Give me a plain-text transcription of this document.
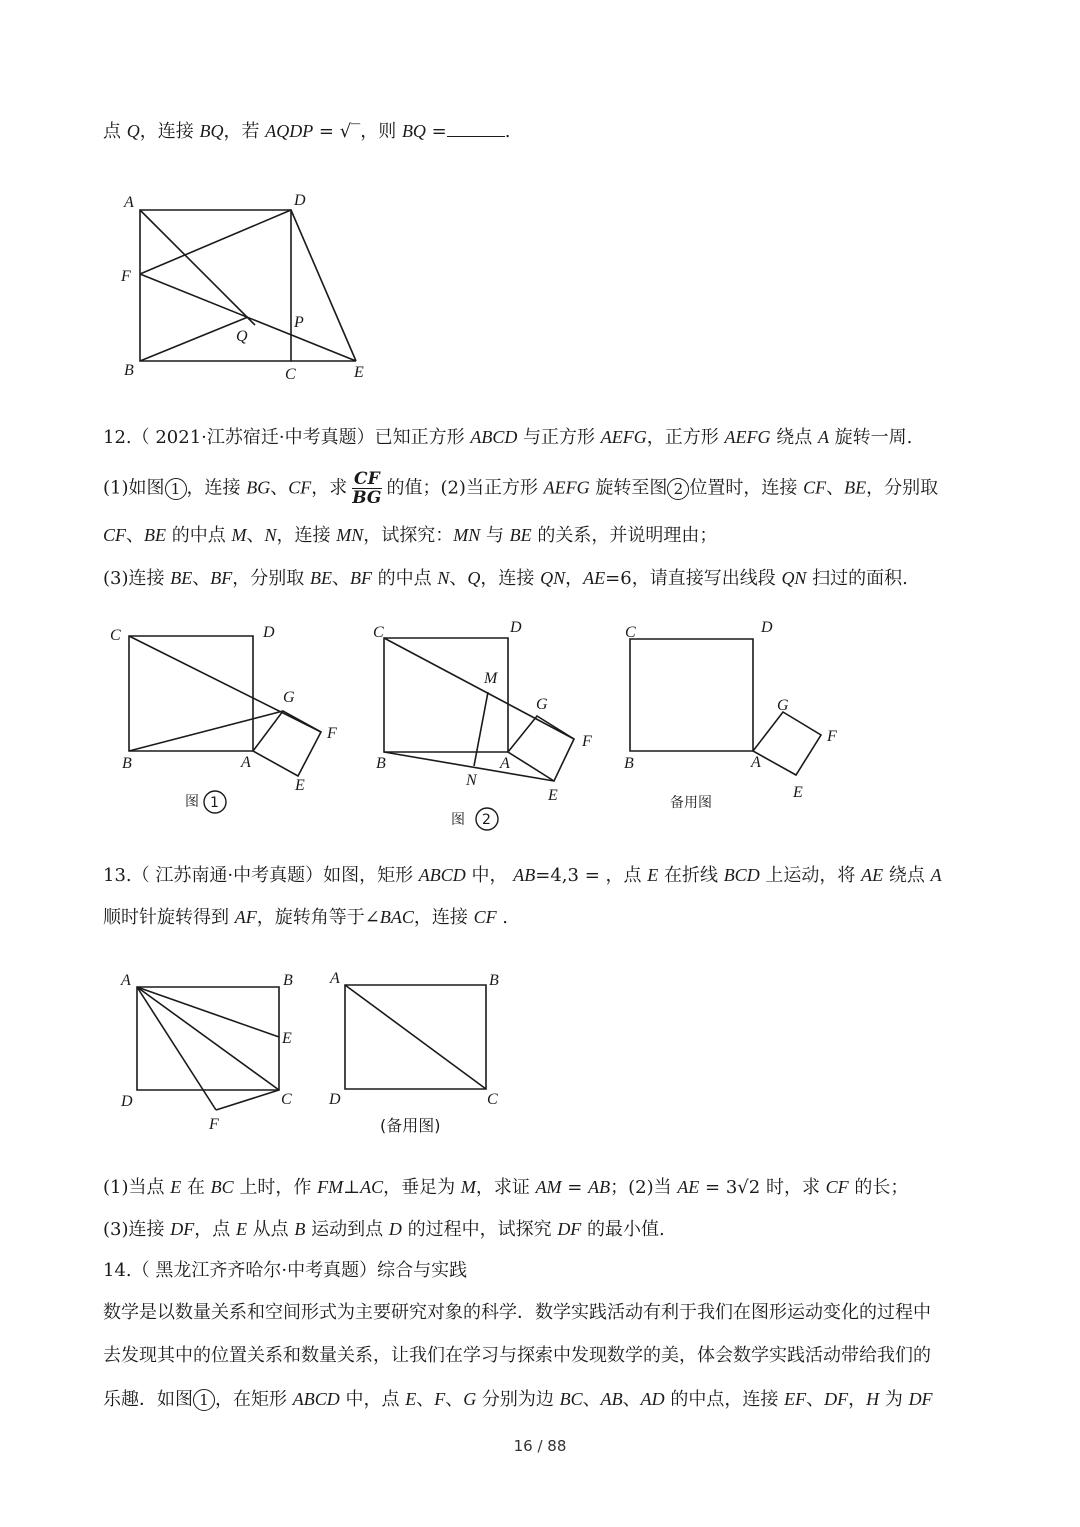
点 Q，连接 BQ，若 AQDP = √‾，则 BQ =	.
A	D
F
P
Q
B	C	E
12.（ 2021·江苏宿迁·中考真题）已知正方形 ABCD 与正方形 AEFG，正方形 AEFG 绕点 A 旋转一周.
(1)如图 1 ，连接 BG、CF，求 $\frac{CF}{BG}$ 的值；(2)当正方形 AEFG 旋转至图 2 位置时，连接 CF、BE，分别取
CF、BE 的中点 M、N，连接 MN，试探究：MN 与 BE 的关系，并说明理由；
(3)连接 BE、BF，分别取 BE、BF 的中点 N、Q，连接 QN，AE=6，请直接写出线段 QN 扫过的面积.
C	D
G
F
B	A
E
图 1
C	D
M
G
F
B	A
N
E
图 2
C	D
G
F
B	A
E
备用图
13.（ 江苏南通·中考真题）如图，矩形 ABCD 中， AB=4,3 = ，点 E 在折线 BCD 上运动，将 AE 绕点 A
顺时针旋转得到 AF，旋转角等于∠BAC，连接 CF .
A	B
E
D	C
F
A	B
D	C
(备用图)
(1)当点 E 在 BC 上时，作 FM⊥AC，垂足为 M，求证 AM = AB；(2)当 AE = 3√2 时，求 CF 的长；
(3)连接 DF，点 E 从点 B 运动到点 D 的过程中，试探究 DF 的最小值.
14.（ 黑龙江齐齐哈尔·中考真题）综合与实践
数学是以数量关系和空间形式为主要研究对象的科学．数学实践活动有利于我们在图形运动变化的过程中
去发现其中的位置关系和数量关系，让我们在学习与探索中发现数学的美，体会数学实践活动带给我们的
乐趣．如图 1 ，在矩形 ABCD 中，点 E、F、G 分别为边 BC、AB、AD 的中点，连接 EF、DF，H 为 DF
16 / 88
